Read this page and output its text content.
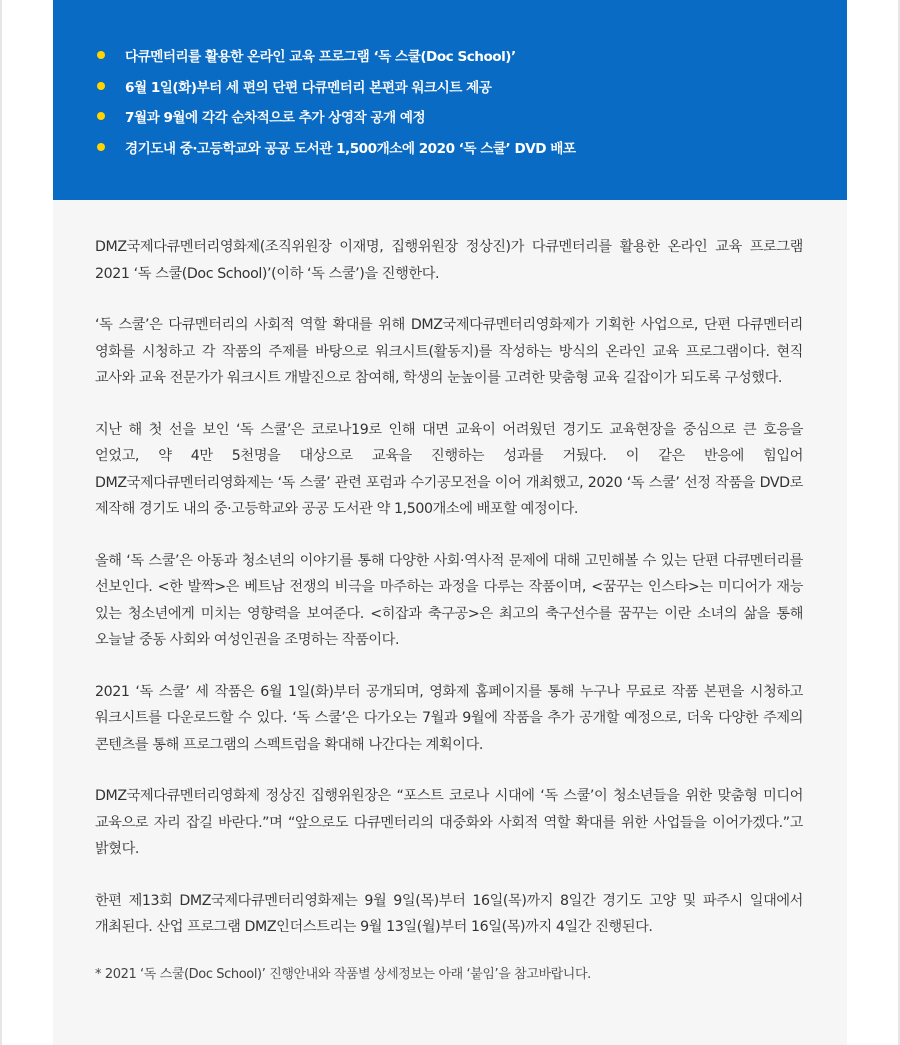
다큐멘터리를 활용한 온라인 교육 프로그램 ‘독 스쿨(Doc School)’
6월 1일(화)부터 세 편의 단편 다큐멘터리 본편과 워크시트 제공
7월과 9월에 각각 순차적으로 추가 상영작 공개 예정
경기도내 중·고등학교와 공공 도서관 1,500개소에 2020 ‘독 스쿨’ DVD 배포

DMZ국제다큐멘터리영화제(조직위원장 이재명, 집행위원장 정상진)가 다큐멘터리를 활용한 온라인 교육 프로그램 2021 ‘독 스쿨(Doc School)’(이하 ‘독 스쿨’)을 진행한다.

‘독 스쿨’은 다큐멘터리의 사회적 역할 확대를 위해 DMZ국제다큐멘터리영화제가 기획한 사업으로, 단편 다큐멘터리 영화를 시청하고 각 작품의 주제를 바탕으로 워크시트(활동지)를 작성하는 방식의 온라인 교육 프로그램이다. 현직 교사와 교육 전문가가 워크시트 개발진으로 참여해, 학생의 눈높이를 고려한 맞춤형 교육 길잡이가 되도록 구성했다.

지난 해 첫 선을 보인 ‘독 스쿨’은 코로나19로 인해 대면 교육이 어려웠던 경기도 교육현장을 중심으로 큰 호응을 얻었고, 약 4만 5천명을 대상으로 교육을 진행하는 성과를 거뒀다. 이 같은 반응에 힘입어 DMZ국제다큐멘터리영화제는 ‘독 스쿨’ 관련 포럼과 수기공모전을 이어 개최했고, 2020 ‘독 스쿨’ 선정 작품을 DVD로 제작해 경기도 내의 중·고등학교와 공공 도서관 약 1,500개소에 배포할 예정이다.

올해 ‘독 스쿨’은 아동과 청소년의 이야기를 통해 다양한 사회·역사적 문제에 대해 고민해볼 수 있는 단편 다큐멘터리를 선보인다. <한 발짝>은 베트남 전쟁의 비극을 마주하는 과정을 다루는 작품이며, <꿈꾸는 인스타>는 미디어가 재능 있는 청소년에게 미치는 영향력을 보여준다. <히잡과 축구공>은 최고의 축구선수를 꿈꾸는 이란 소녀의 삶을 통해 오늘날 중동 사회와 여성인권을 조명하는 작품이다.

2021 ‘독 스쿨’ 세 작품은 6월 1일(화)부터 공개되며, 영화제 홈페이지를 통해 누구나 무료로 작품 본편을 시청하고 워크시트를 다운로드할 수 있다. ‘독 스쿨’은 다가오는 7월과 9월에 작품을 추가 공개할 예정으로, 더욱 다양한 주제의 콘텐츠를 통해 프로그램의 스펙트럼을 확대해 나간다는 계획이다.

DMZ국제다큐멘터리영화제 정상진 집행위원장은 “포스트 코로나 시대에 ‘독 스쿨’이 청소년들을 위한 맞춤형 미디어 교육으로 자리 잡길 바란다.”며 “앞으로도 다큐멘터리의 대중화와 사회적 역할 확대를 위한 사업들을 이어가겠다.”고 밝혔다.

한편 제13회 DMZ국제다큐멘터리영화제는 9월 9일(목)부터 16일(목)까지 8일간 경기도 고양 및 파주시 일대에서 개최된다. 산업 프로그램 DMZ인더스트리는 9월 13일(월)부터 16일(목)까지 4일간 진행된다.

* 2021 ‘독 스쿨(Doc School)’ 진행안내와 작품별 상세정보는 아래 ‘붙임’을 참고바랍니다.
